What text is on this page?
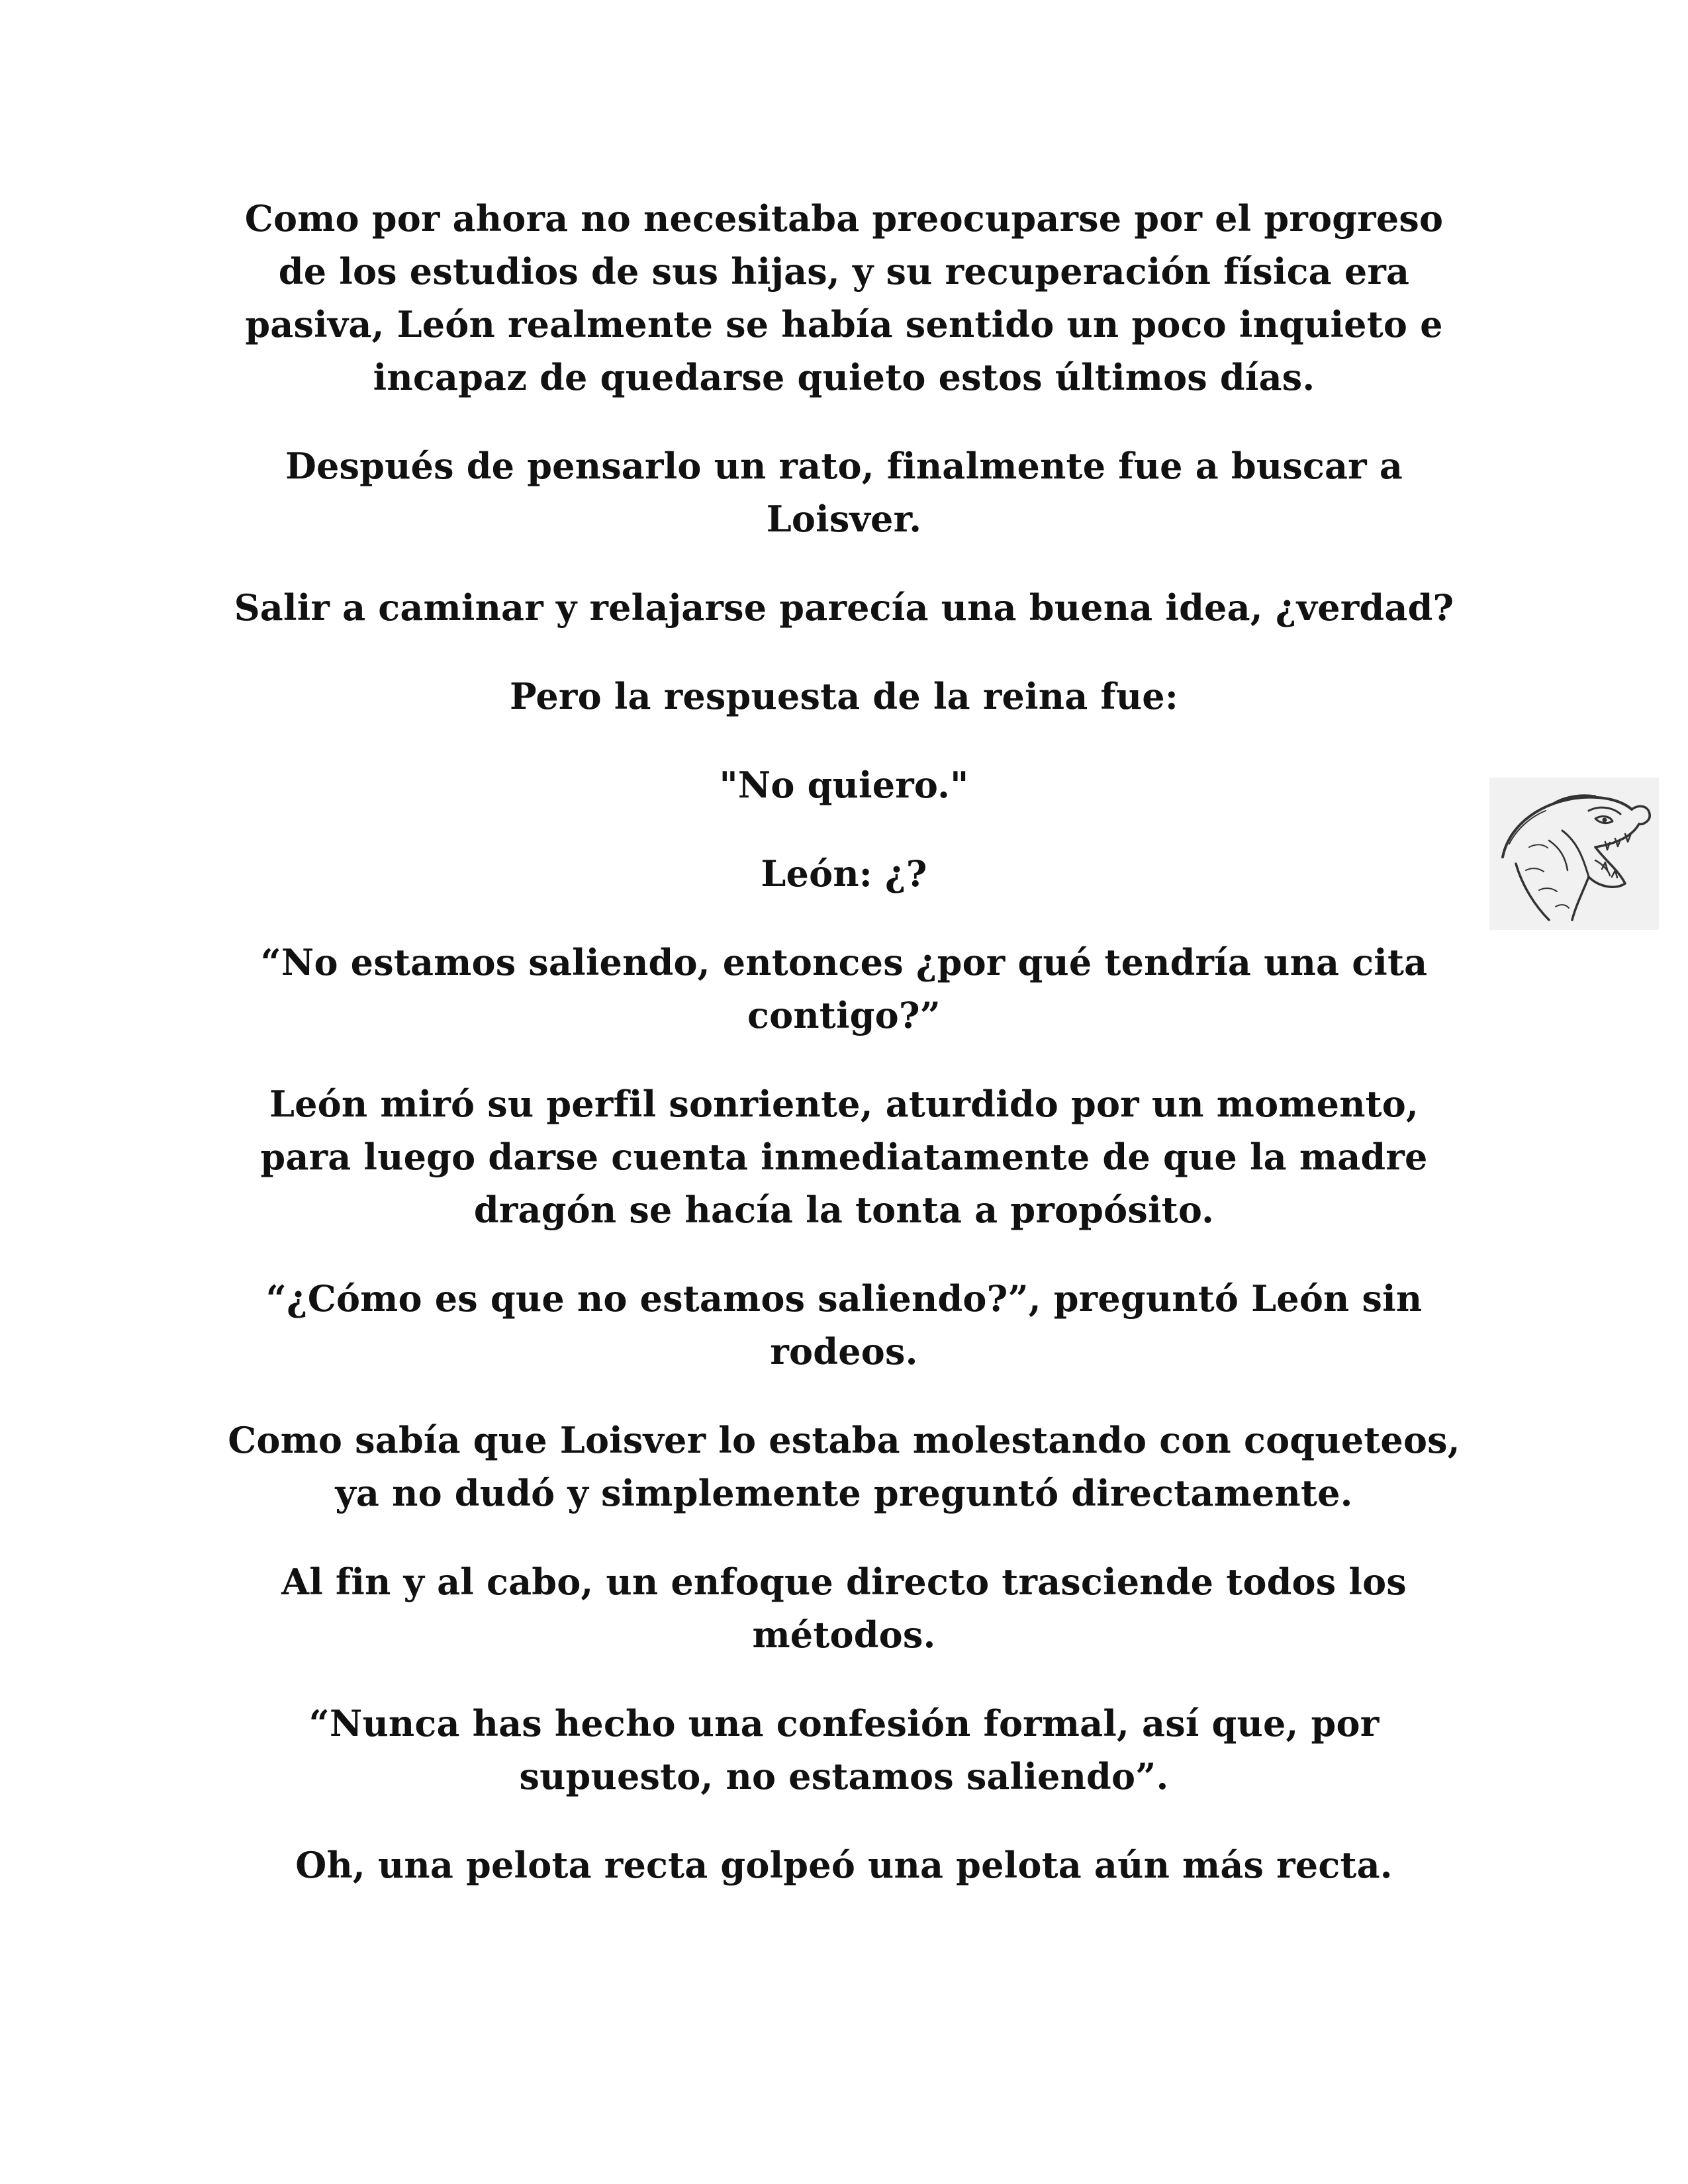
Como por ahora no necesitaba preocuparse por el progreso de los estudios de sus hijas, y su recuperación física era pasiva, León realmente se había sentido un poco inquieto e incapaz de quedarse quieto estos últimos días.

Después de pensarlo un rato, finalmente fue a buscar a Loisver.

Salir a caminar y relajarse parecía una buena idea, ¿verdad?

Pero la respuesta de la reina fue:

"No quiero."

León: ¿?

“No estamos saliendo, entonces ¿por qué tendría una cita contigo?”

León miró su perfil sonriente, aturdido por un momento, para luego darse cuenta inmediatamente de que la madre dragón se hacía la tonta a propósito.

“¿Cómo es que no estamos saliendo?”, preguntó León sin rodeos.

Como sabía que Loisver lo estaba molestando con coqueteos, ya no dudó y simplemente preguntó directamente.

Al fin y al cabo, un enfoque directo trasciende todos los métodos.

“Nunca has hecho una confesión formal, así que, por supuesto, no estamos saliendo”.

Oh, una pelota recta golpeó una pelota aún más recta.
